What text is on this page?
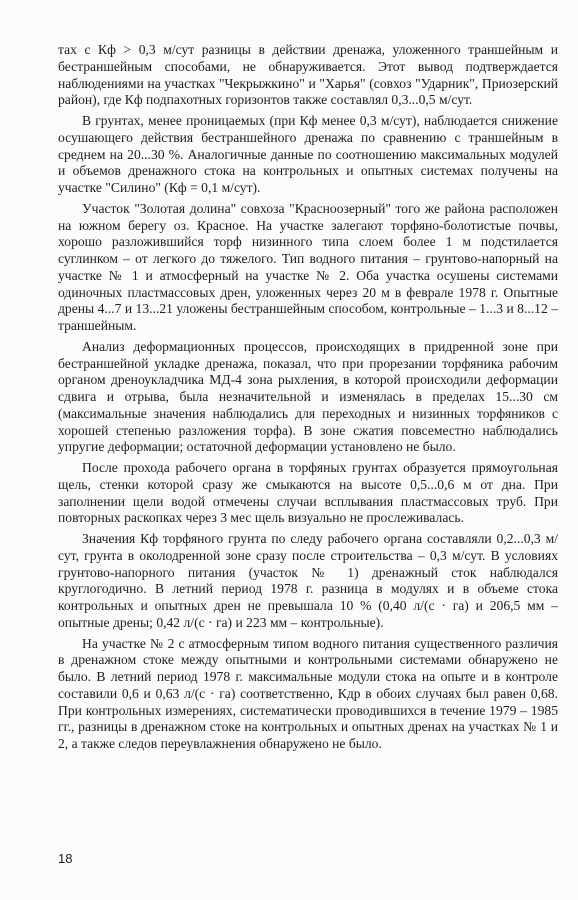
тах с Кф > 0,3 м/сут разницы в действии дренажа, уложенного траншейным и бестраншейным способами, не обнаруживается. Этот вывод подтверждается наблюдениями на участках "Чекрыжкино" и "Харья" (совхоз "Ударник", Приозерский район), где Кф подпахотных горизонтов также составлял 0,3...0,5 м/сут.

В грунтах, менее проницаемых (при Кф менее 0,3 м/сут), наблюдается снижение осушающего действия бестраншейного дренажа по сравнению с траншейным в среднем на 20...30 %. Аналогичные данные по соотношению максимальных модулей и объемов дренажного стока на контрольных и опытных системах получены на участке "Силино" (Кф = 0,1 м/сут).

Участок "Золотая долина" совхоза "Красноозерный" того же района расположен на южном берегу оз. Красное. На участке залегают торфяно-болотистые почвы, хорошо разложившийся торф низинного типа слоем более 1 м подстилается суглинком – от легкого до тяжелого. Тип водного питания – грунтово-напорный на участке № 1 и атмосферный на участке № 2. Оба участка осушены системами одиночных пластмассовых дрен, уложенных через 20 м в феврале 1978 г. Опытные дрены 4...7 и 13...21 уложены бестраншейным способом, контрольные – 1...3 и 8...12 – траншейным.

Анализ деформационных процессов, происходящих в придренной зоне при бестраншейной укладке дренажа, показал, что при прорезании торфяника рабочим органом дреноукладчика МД-4 зона рыхления, в которой происходили деформации сдвига и отрыва, была незначительной и изменялась в пределах 15...30 см (максимальные значения наблюдались для переходных и низинных торфяников с хорошей степенью разложения торфа). В зоне сжатия повсеместно наблюдались упругие деформации; остаточной деформации установлено не было.

После прохода рабочего органа в торфяных грунтах образуется прямоугольная щель, стенки которой сразу же смыкаются на высоте 0,5...0,6 м от дна. При заполнении щели водой отмечены случаи всплывания пластмассовых труб. При повторных раскопках через 3 мес щель визуально не прослеживалась.

Значения Кф торфяного грунта по следу рабочего органа составляли 0,2...0,3 м/сут, грунта в околодренной зоне сразу после строительства – 0,3 м/сут. В условиях грунтово-напорного питания (участок № 1) дренажный сток наблюдался круглогодично. В летний период 1978 г. разница в модулях и в объеме стока контрольных и опытных дрен не превышала 10 % (0,40 л/(с · га) и 206,5 мм – опытные дрены; 0,42 л/(с · га) и 223 мм – контрольные).

На участке № 2 с атмосферным типом водного питания существенного различия в дренажном стоке между опытными и контрольными системами обнаружено не было. В летний период 1978 г. максимальные модули стока на опыте и в контроле составили 0,6 и 0,63 л/(с · га) соответственно, Кдр в обоих случаях был равен 0,68. При контрольных измерениях, систематически проводившихся в течение 1979 – 1985 гг., разницы в дренажном стоке на контрольных и опытных дренах на участках № 1 и 2, а также следов переувлажнения обнаружено не было.

18
